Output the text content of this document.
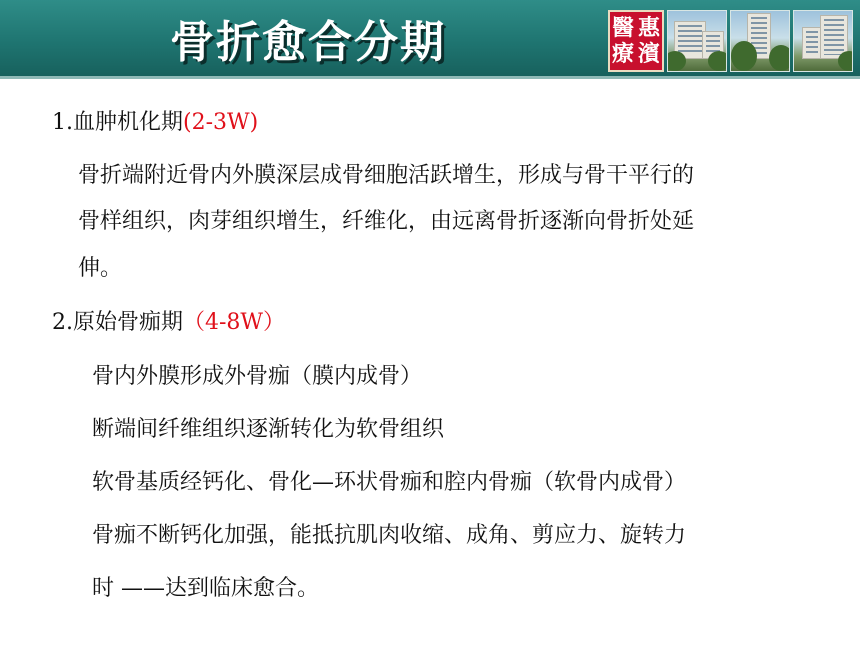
骨折愈合分期	醫 惠
療 濱
1.血肿机化期(2-3W)
骨折端附近骨内外膜深层成骨细胞活跃增生，形成与骨干平行的
骨样组织，肉芽组织增生，纤维化，由远离骨折逐渐向骨折处延
伸。
2.原始骨痂期（4-8W）
骨内外膜形成外骨痂（膜内成骨）
断端间纤维组织逐渐转化为软骨组织
软骨基质经钙化、骨化—环状骨痂和腔内骨痂（软骨内成骨）
骨痂不断钙化加强，能抵抗肌肉收缩、成角、剪应力、旋转力
时 ——达到临床愈合。
